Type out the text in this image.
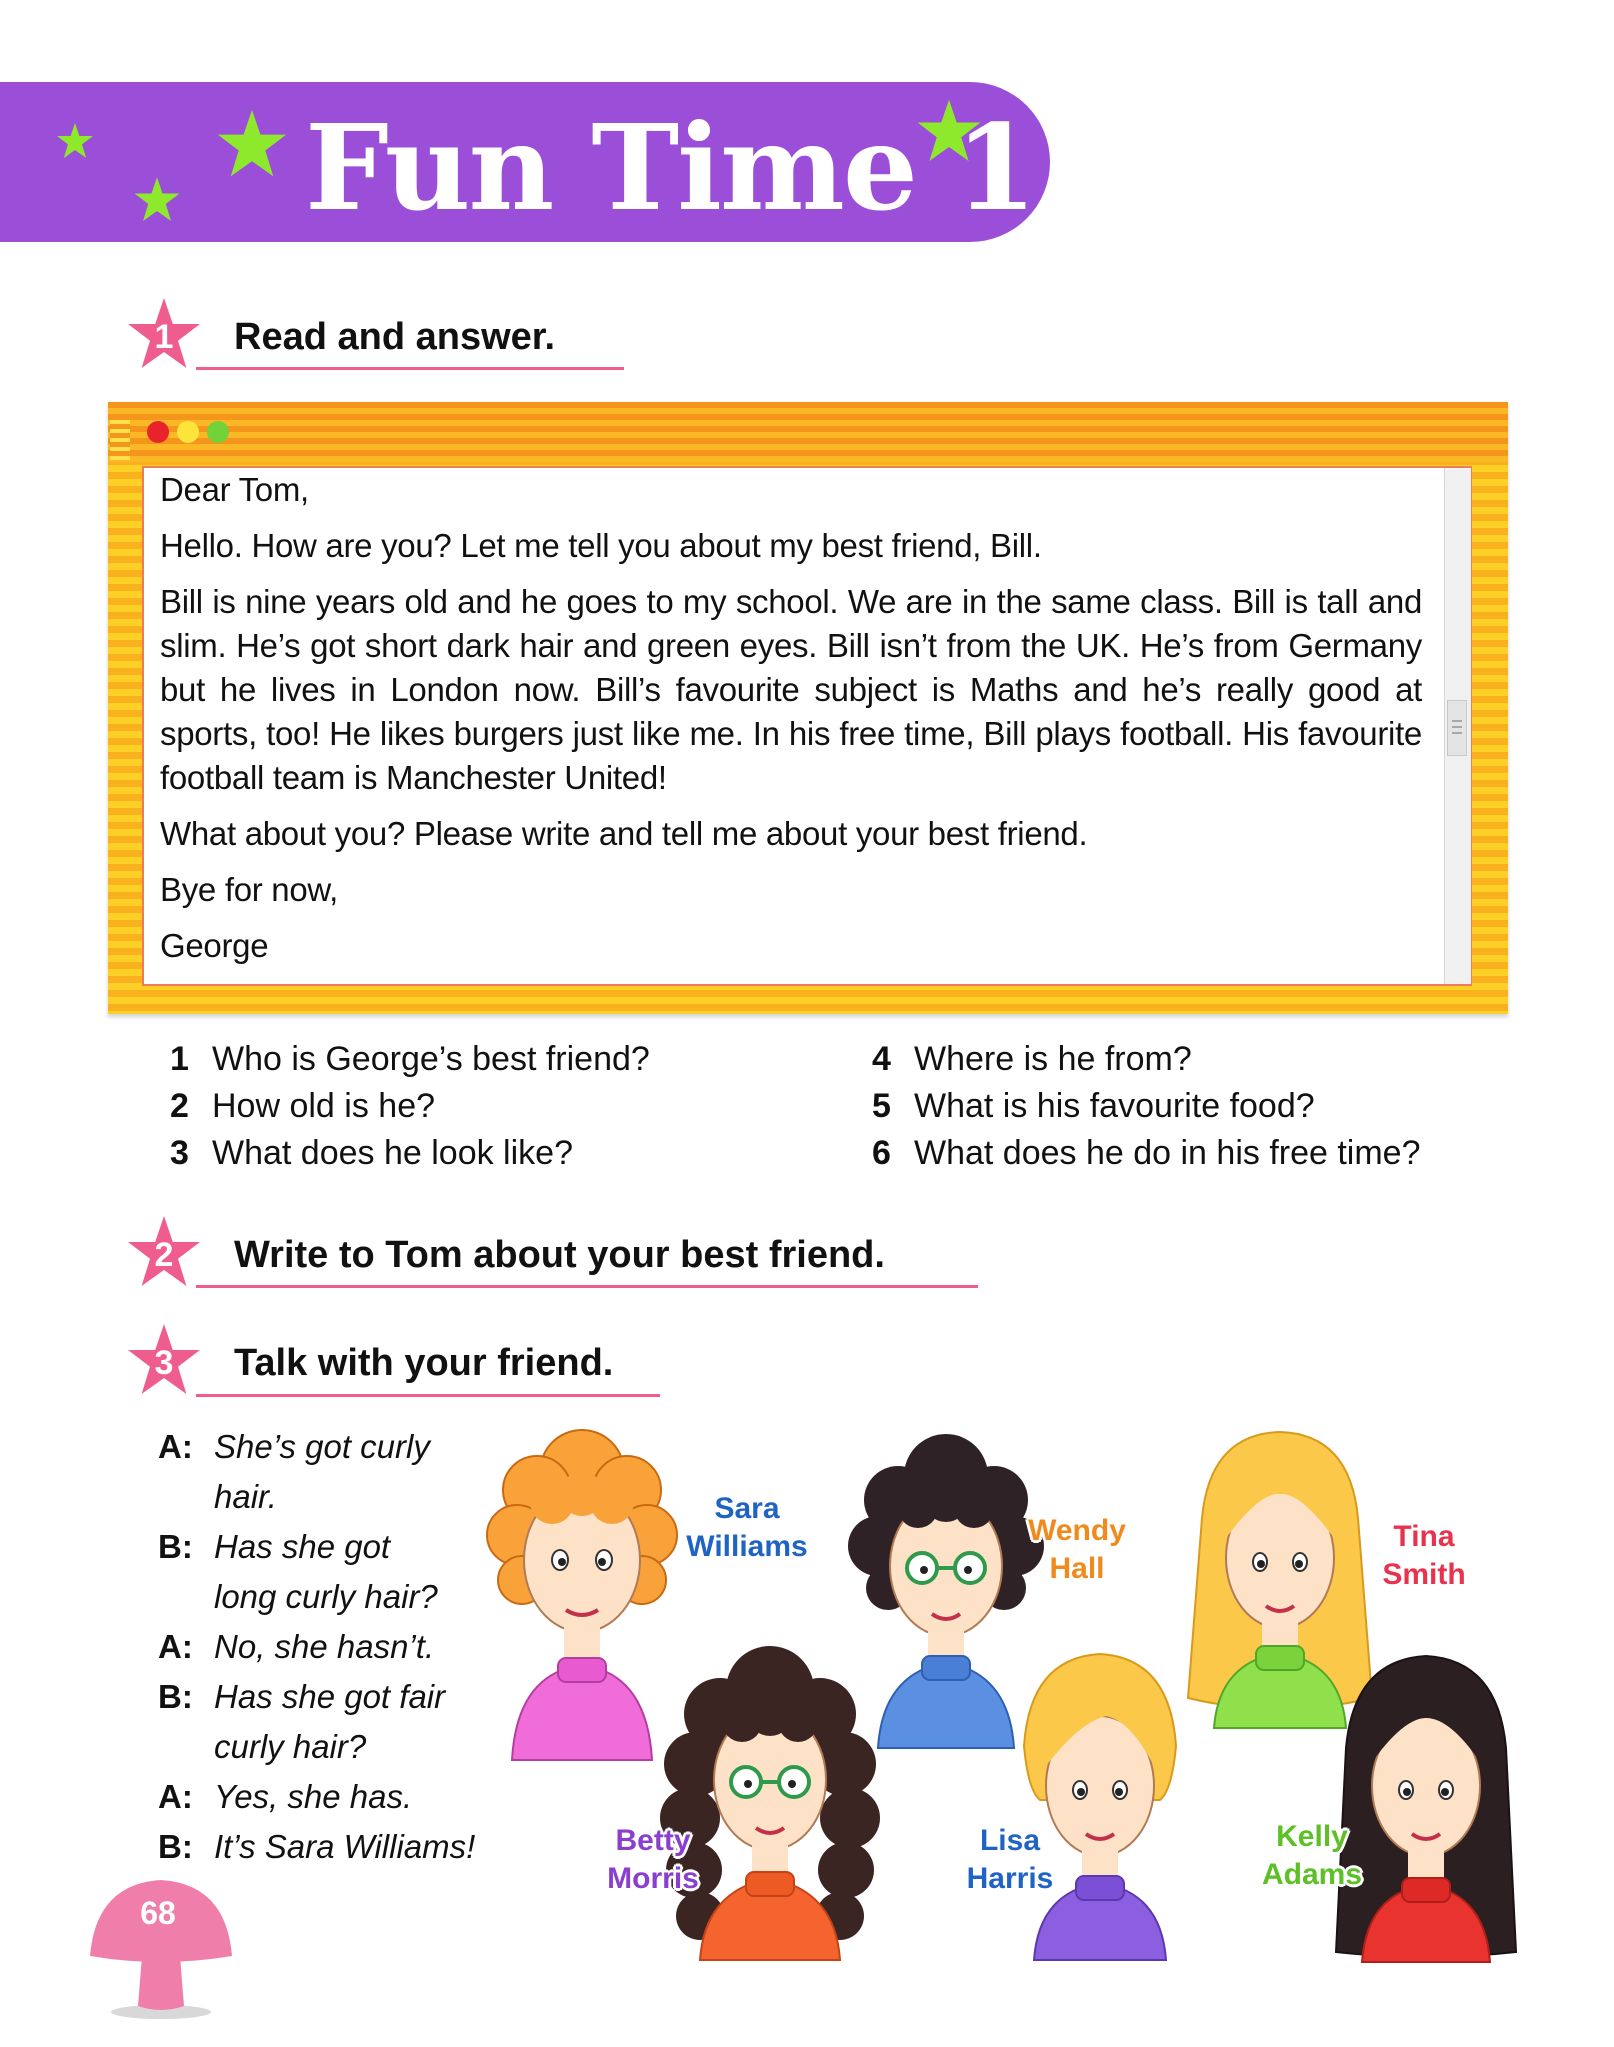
Fun Time 1
1	Read and answer.

Dear Tom,

Hello. How are you? Let me tell you about my best friend, Bill.

Bill is nine years old and he goes to my school. We are in the same class. Bill is tall and slim. He’s got short dark hair and green eyes. Bill isn’t from the UK. He’s from Germany but he lives in London now. Bill’s favourite subject is Maths and he’s really good at sports, too! He likes burgers just like me. In his free time, Bill plays football. His favourite football team is Manchester United!

What about you? Please write and tell me about your best friend.

Bye for now,

George

1 Who is George’s best friend?
2 How old is he?
3 What does he look like?
4 Where is he from?
5 What is his favourite food?
6 What does he do in his free time?
2	Write to Tom about your best friend.
3	Talk with your friend.
A: She’s got curly
hair.
B: Has she got
long curly hair?
A: No, she hasn’t.
B: Has she got fair
curly hair?
A: Yes, she has.
B: It’s Sara Williams!
Sara
Williams	Wendy
Hall
Tina
Smith
Betty
Morris
Lisa
Harris
Kelly
Adams
68
